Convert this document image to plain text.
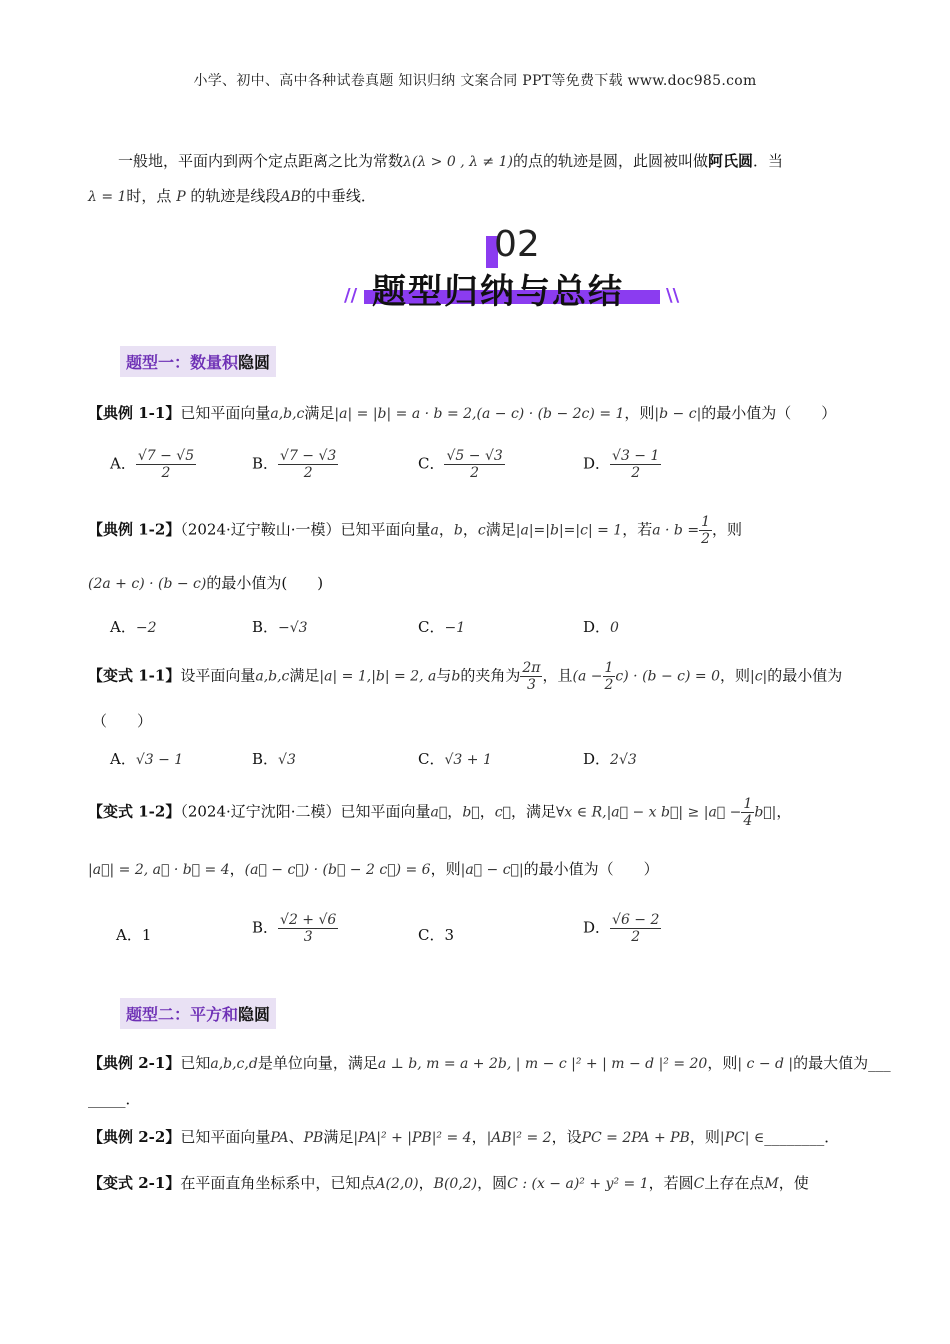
小学、初中、高中各种试卷真题 知识归纳 文案合同 PPT等免费下载 www.doc985.com
一般地，平面内到两个定点距离之比为常数λ(λ > 0 , λ ≠ 1)的点的轨迹是圆，此圆被叫做阿氏圆．当
λ = 1时，点 P 的轨迹是线段AB的中垂线．
02
题型归纳与总结
//	\\
题型一：数量积隐圆
【典例 1-1】已知平面向量a,b,c满足|a| = |b| = a · b = 2,(a − c) · (b − 2c) = 1，则|b − c|的最小值为（　　）
A． $\frac{√7 - √5}{2}$	B． $\frac{√7 - √3}{2}$	C． $\frac{√5 - √3}{2}$	D． $\frac{√3 - 1}{2}$
【典例 1-2】（2024·辽宁鞍山·一模）已知平面向量a，b，c满足|a|=|b|=|c| = 1，若$a \cdot b = \frac{1}{2}$ ，则
(2a + c) · (b − c)的最小值为(　　)
A．−2	B．−√3	C．−1	D．0
【变式 1-1】设平面向量a,b,c满足|a| = 1,|b| = 2, a与b的夹角为 $\frac{2\pi}{3}$ ，且$(a - \frac{1}{2} c) \cdot (b - c) = 0$，则|c|的最小值为
（　　）
A．√3 − 1	B．√3	C．√3 + 1	D．2√3
【变式 1-2】（2024·辽宁沈阳·二模）已知平面向量a⃗，b⃗，c⃗，满足∀x ∈ R,|a⃗ − x b⃗| ≥ |a⃗ − $\frac{1}{4}$ b⃗|，
|a⃗| = 2, a⃗ · b⃗ = 4，(a⃗ − c⃗) · (b⃗ − 2 c⃗) = 6，则|a⃗ − c⃗|的最小值为（　　）
A．1	B． $\frac{√2 + √6}{3}$	C．3	D． $\frac{√6 - 2}{2}$
题型二：平方和隐圆
【典例 2-1】已知a,b,c,d是单位向量，满足a ⊥ b, m = a + 2b, | m − c |² + | m − d |² = 20，则| c − d |的最大值为___
_____．
【典例 2-2】已知平面向量PA、PB满足|PA|² + |PB|² = 4，|AB|² = 2，设PC = 2PA + PB，则|PC| ∈________．
【变式 2-1】在平面直角坐标系中，已知点A(2,0)，B(0,2)，圆C : (x − a)² + y² = 1，若圆C上存在点M，使
